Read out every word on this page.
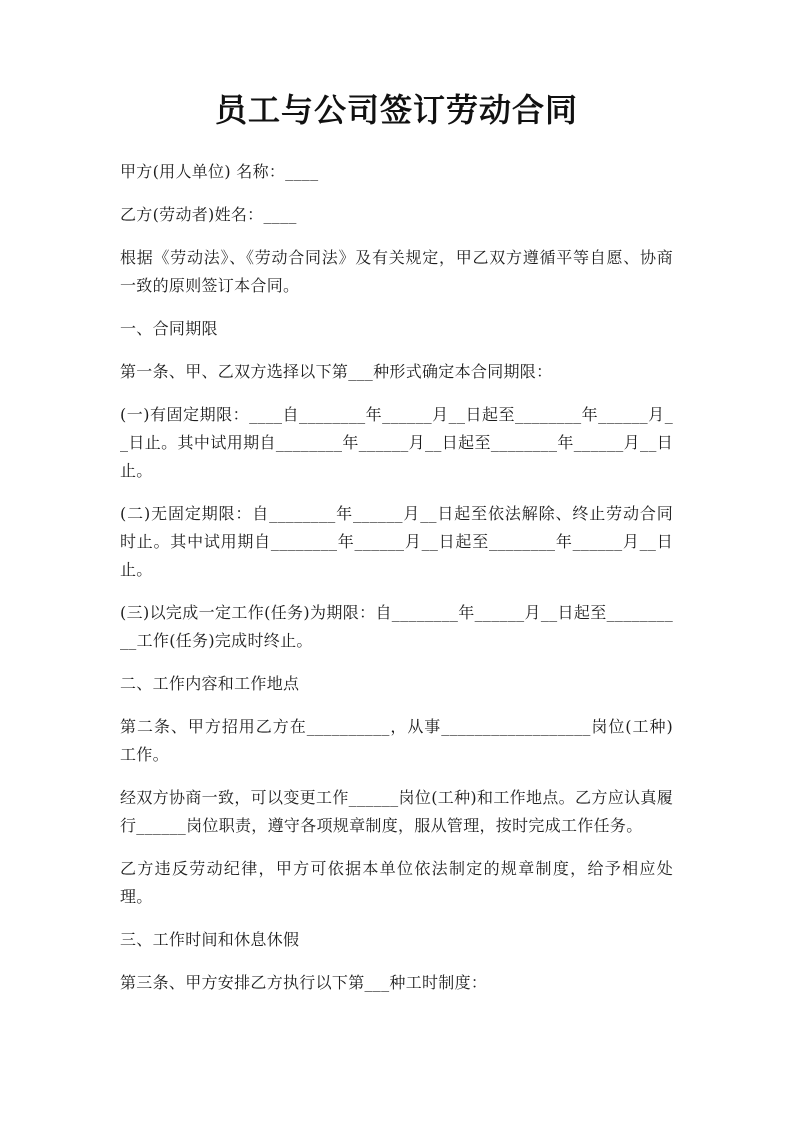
员工与公司签订劳动合同

甲方(用人单位) 名称：____

乙方(劳动者)姓名：____

根据《劳动法》、《劳动合同法》及有关规定，甲乙双方遵循平等自愿、协商一致的原则签订本合同。

一、合同期限

第一条、甲、乙双方选择以下第___种形式确定本合同期限：

(一)有固定期限：____自________年______月__日起至________年______月__日止。其中试用期自________年______月__日起至________年______月__日止。

(二)无固定期限：自________年______月__日起至依法解除、终止劳动合同时止。其中试用期自________年______月__日起至________年______月__日止。

(三)以完成一定工作(任务)为期限：自________年______月__日起至__________工作(任务)完成时终止。

二、工作内容和工作地点

第二条、甲方招用乙方在__________，从事__________________岗位(工种)工作。

经双方协商一致，可以变更工作______岗位(工种)和工作地点。乙方应认真履行______岗位职责，遵守各项规章制度，服从管理，按时完成工作任务。

乙方违反劳动纪律，甲方可依据本单位依法制定的规章制度，给予相应处理。

三、工作时间和休息休假

第三条、甲方安排乙方执行以下第___种工时制度：
